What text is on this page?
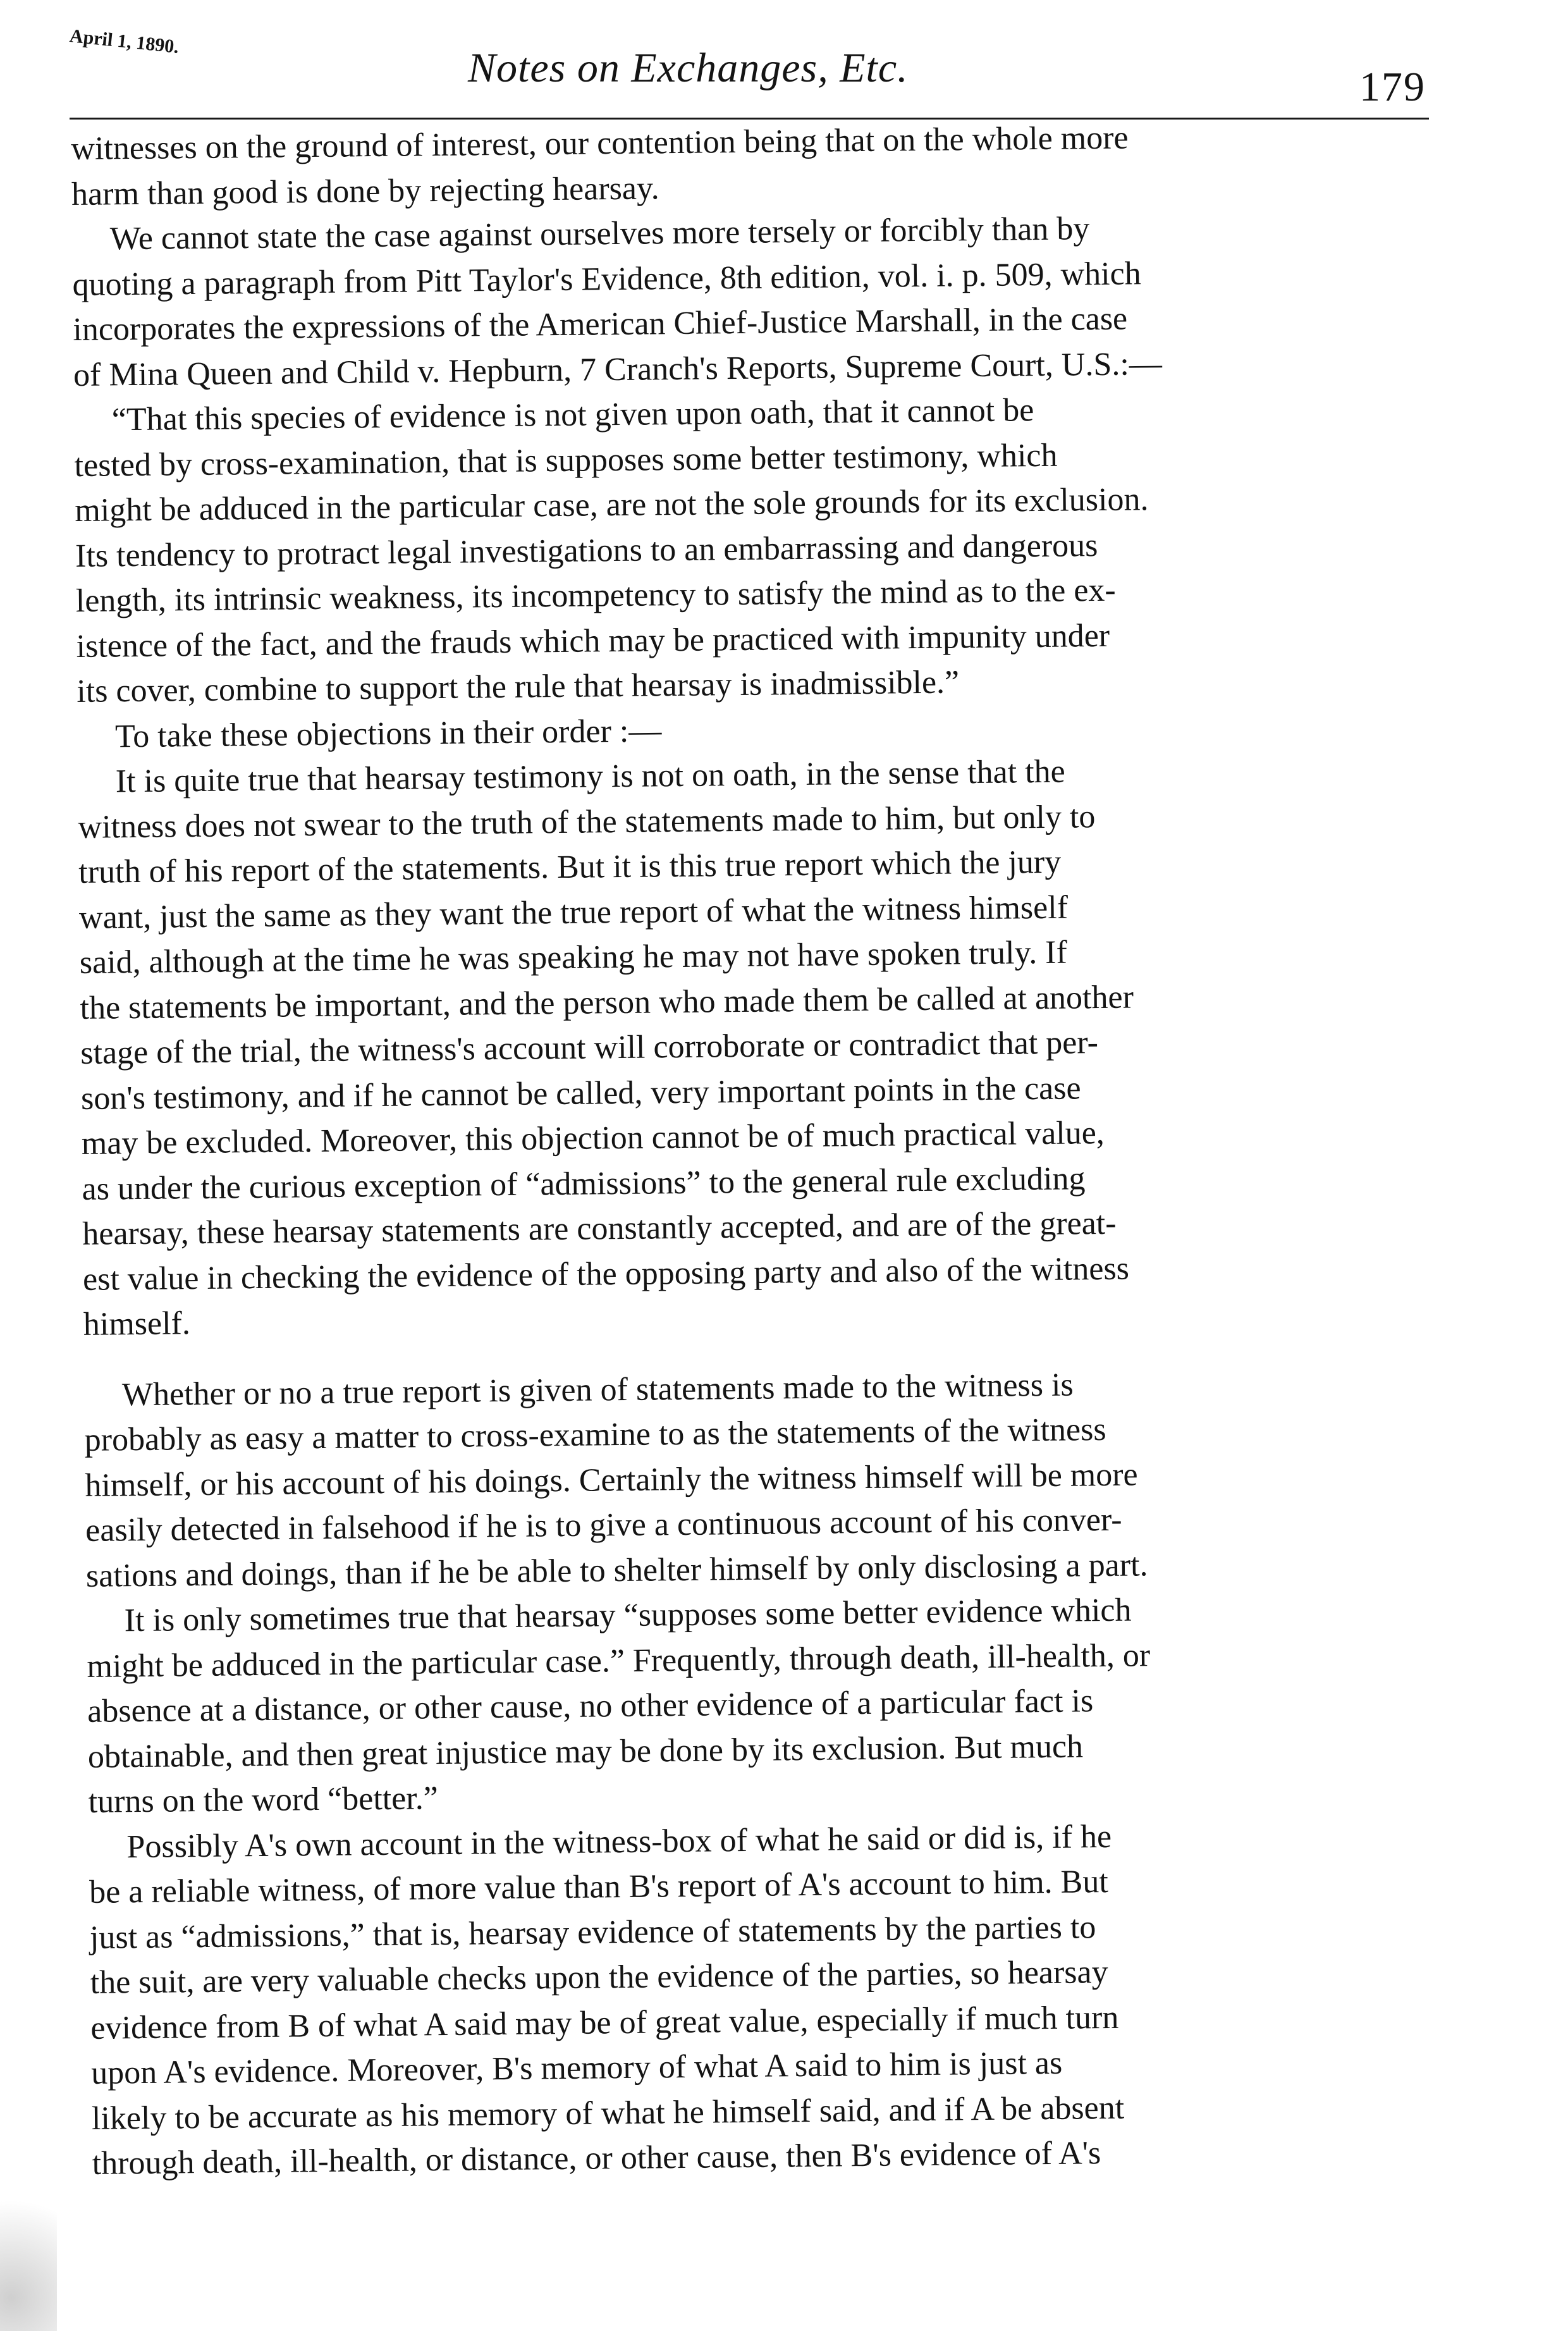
April 1, 1890.
Notes on Exchanges, Etc.	179
witnesses on the ground of interest, our contention being that on the whole more
harm than good is done by rejecting hearsay.
We cannot state the case against ourselves more tersely or forcibly than by
quoting a paragraph from Pitt Taylor's Evidence, 8th edition, vol. i. p. 509, which
incorporates the expressions of the American Chief-Justice Marshall, in the case
of Mina Queen and Child v. Hepburn, 7 Cranch's Reports, Supreme Court, U.S.:—
“That this species of evidence is not given upon oath, that it cannot be
tested by cross-examination, that is supposes some better testimony, which
might be adduced in the particular case, are not the sole grounds for its exclusion.
Its tendency to protract legal investigations to an embarrassing and dangerous
length, its intrinsic weakness, its incompetency to satisfy the mind as to the ex-
istence of the fact, and the frauds which may be practiced with impunity under
its cover, combine to support the rule that hearsay is inadmissible.”
To take these objections in their order :—
It is quite true that hearsay testimony is not on oath, in the sense that the
witness does not swear to the truth of the statements made to him, but only to
truth of his report of the statements. But it is this true report which the jury
want, just the same as they want the true report of what the witness himself
said, although at the time he was speaking he may not have spoken truly. If
the statements be important, and the person who made them be called at another
stage of the trial, the witness's account will corroborate or contradict that per-
son's testimony, and if he cannot be called, very important points in the case
may be excluded. Moreover, this objection cannot be of much practical value,
as under the curious exception of “admissions” to the general rule excluding
hearsay, these hearsay statements are constantly accepted, and are of the great-
est value in checking the evidence of the opposing party and also of the witness
himself.
Whether or no a true report is given of statements made to the witness is
probably as easy a matter to cross-examine to as the statements of the witness
himself, or his account of his doings. Certainly the witness himself will be more
easily detected in falsehood if he is to give a continuous account of his conver-
sations and doings, than if he be able to shelter himself by only disclosing a part.
It is only sometimes true that hearsay “supposes some better evidence which
might be adduced in the particular case.” Frequently, through death, ill-health, or
absence at a distance, or other cause, no other evidence of a particular fact is
obtainable, and then great injustice may be done by its exclusion. But much
turns on the word “better.”
Possibly A's own account in the witness-box of what he said or did is, if he
be a reliable witness, of more value than B's report of A's account to him. But
just as “admissions,” that is, hearsay evidence of statements by the parties to
the suit, are very valuable checks upon the evidence of the parties, so hearsay
evidence from B of what A said may be of great value, especially if much turn
upon A's evidence. Moreover, B's memory of what A said to him is just as
likely to be accurate as his memory of what he himself said, and if A be absent
through death, ill-health, or distance, or other cause, then B's evidence of A's
